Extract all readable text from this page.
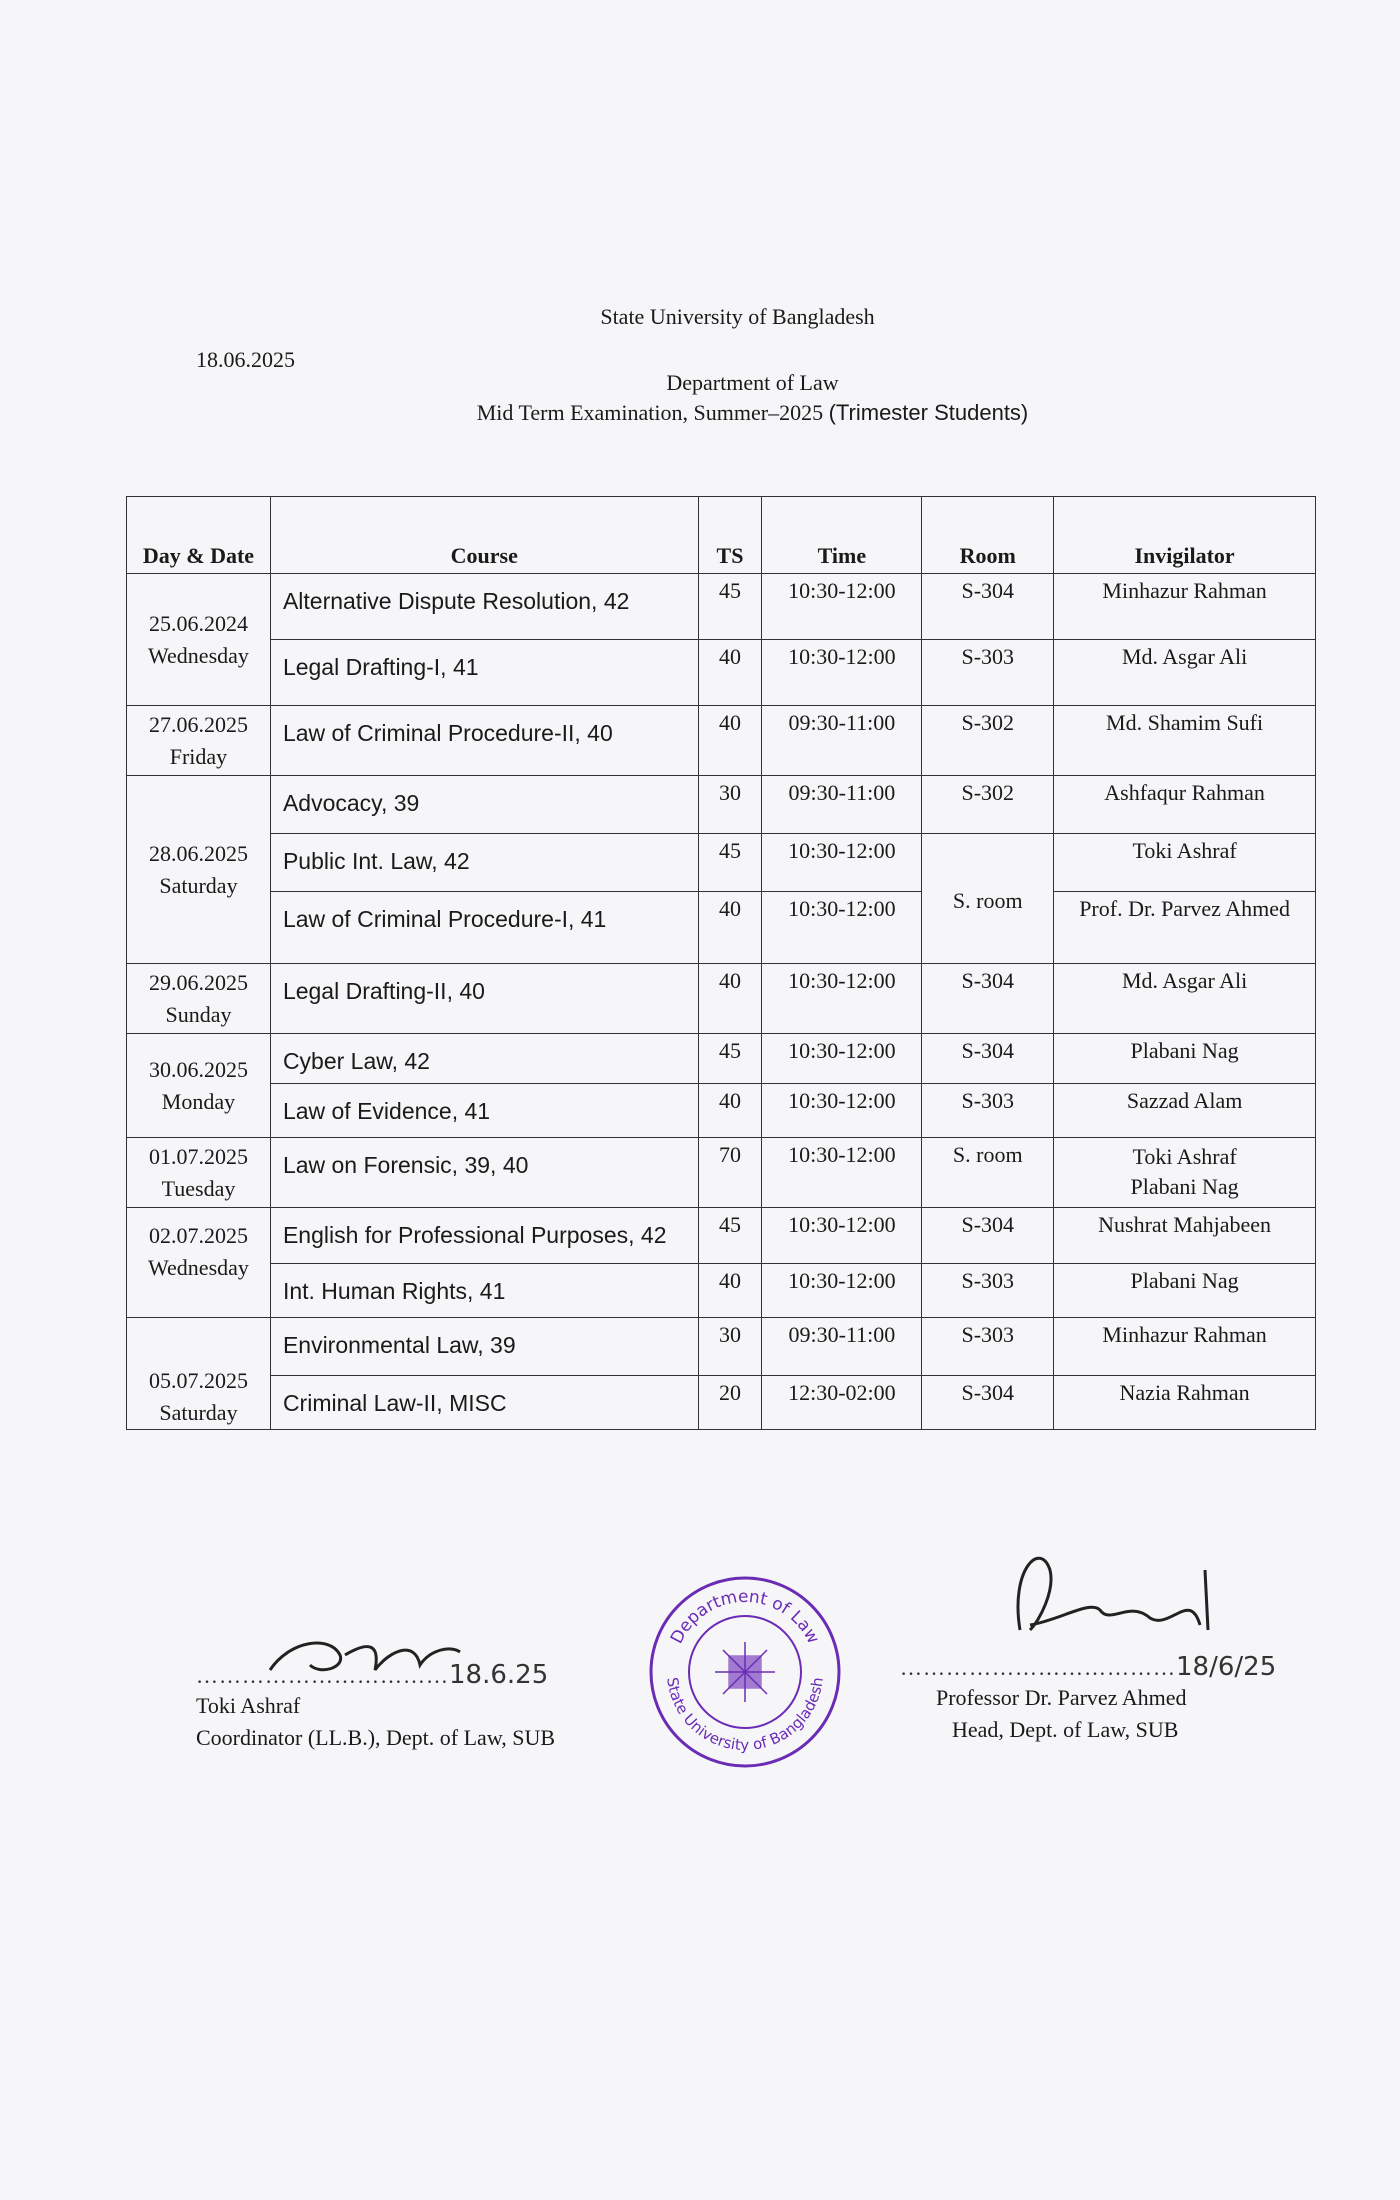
State University of Bangladesh
18.06.2025
Department of Law
Mid Term Examination, Summer–2025 (Trimester Students)
Day & Date	Course	TS	Time	Room	Invigilator
25.06.2024
Wednesday	Alternative Dispute Resolution, 42	45	10:30-12:00	S-304	Minhazur Rahman
	Legal Drafting-I, 41	40	10:30-12:00	S-303	Md. Asgar Ali
27.06.2025
Friday	Law of Criminal Procedure-II, 40	40	09:30-11:00	S-302	Md. Shamim Sufi
28.06.2025
Saturday	Advocacy, 39	30	09:30-11:00	S-302	Ashfaqur Rahman
	Public Int. Law, 42	45	10:30-12:00	S. room	Toki Ashraf
	Law of Criminal Procedure-I, 41	40	10:30-12:00		Prof. Dr. Parvez Ahmed
29.06.2025
Sunday	Legal Drafting-II, 40	40	10:30-12:00	S-304	Md. Asgar Ali
30.06.2025
Monday	Cyber Law, 42	45	10:30-12:00	S-304	Plabani Nag
	Law of Evidence, 41	40	10:30-12:00	S-303	Sazzad Alam
01.07.2025
Tuesday	Law on Forensic, 39, 40	70	10:30-12:00	S. room	Toki Ashraf
Plabani Nag
02.07.2025
Wednesday	English for Professional Purposes, 42	45	10:30-12:00	S-304	Nushrat Mahjabeen
	Int. Human Rights, 41	40	10:30-12:00	S-303	Plabani Nag
05.07.2025
Saturday	Environmental Law, 39	30	09:30-11:00	S-303	Minhazur Rahman
	Criminal Law-II, MISC	20	12:30-02:00	S-304	Nazia Rahman
……………………………18.6.25
Toki Ashraf
Coordinator (LL.B.), Dept. of Law, SUB
Department of Law
State University of Bangladesh
………………………………18/6/25
Professor Dr. Parvez Ahmed
Head, Dept. of Law, SUB
